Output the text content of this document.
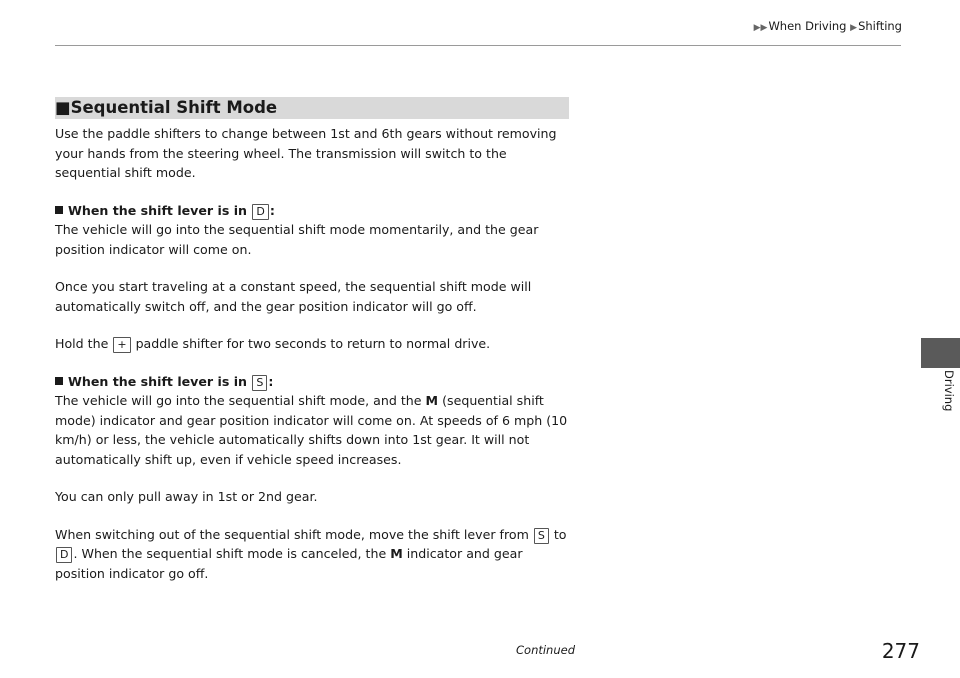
▶▶When Driving ▶Shifting
■Sequential Shift Mode

Use the paddle shifters to change between 1st and 6th gears without removing your hands from the steering wheel. The transmission will switch to the sequential shift mode.

When the shift lever is in D :

The vehicle will go into the sequential shift mode momentarily, and the gear position indicator will come on.

Once you start traveling at a constant speed, the sequential shift mode will automatically switch off, and the gear position indicator will go off.

Hold the + paddle shifter for two seconds to return to normal drive.

When the shift lever is in S :

The vehicle will go into the sequential shift mode, and the M (sequential shift mode) indicator and gear position indicator will come on. At speeds of 6 mph (10 km/h) or less, the vehicle automatically shifts down into 1st gear. It will not automatically shift up, even if vehicle speed increases.

You can only pull away in 1st or 2nd gear.

When switching out of the sequential shift mode, move the shift lever from S to D . When the sequential shift mode is canceled, the M indicator and gear position indicator go off.

Driving
Continued	277
